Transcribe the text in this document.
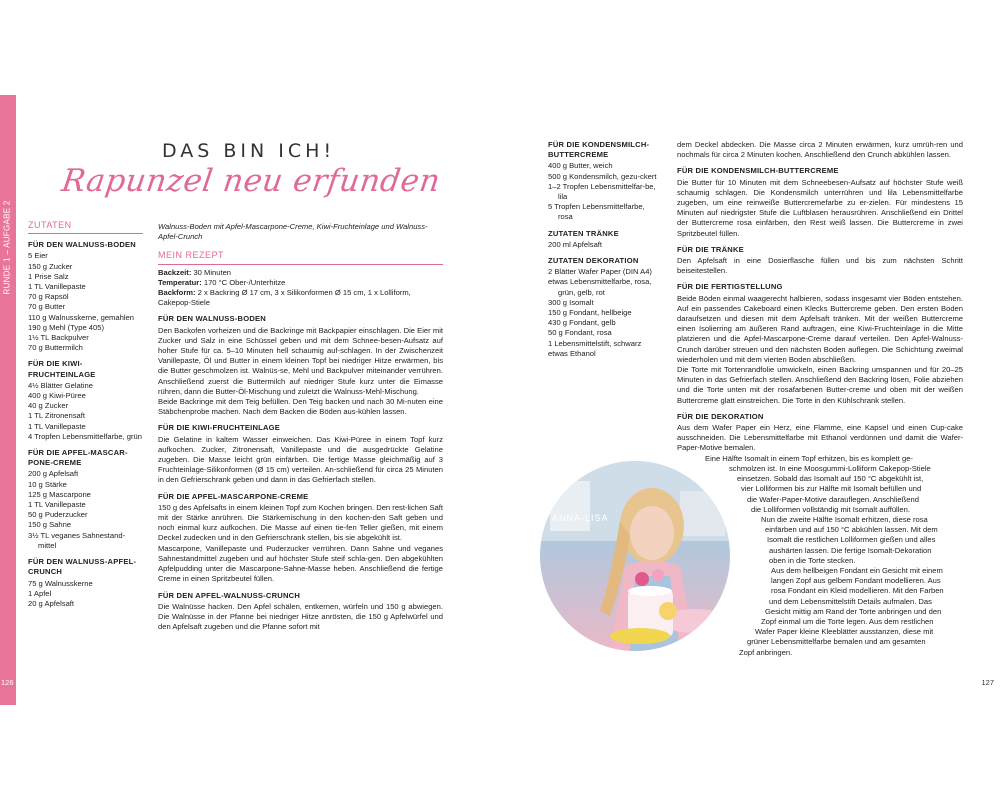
RUNDE 1 – AUFGABE 2
126	127
DAS BIN ICH!
Rapunzel neu erfunden
ZUTATEN
FÜR DEN WALNUSS-BODEN
5 Eier
150 g Zucker
1 Prise Salz
1 TL Vanillepaste
70 g Rapsöl
70 g Butter
110 g Walnusskerne, gemahlen
190 g Mehl (Type 405)
1½ TL Backpulver
70 g Buttermilch
FÜR DIE KIWI-FRUCHTEINLAGE
4½ Blätter Gelatine
400 g Kiwi-Püree
40 g Zucker
1 TL Zitronensaft
1 TL Vanillepaste
4 Tropfen Lebensmittelfarbe, grün
FÜR DIE APFEL-MASCAR-PONE-CREME
200 g Apfelsaft
10 g Stärke
125 g Mascarpone
1 TL Vanillepaste
50 g Puderzucker
150 g Sahne
3½ TL veganes Sahnestand-mittel
FÜR DEN WALNUSS-APFEL-CRUNCH
75 g Walnusskerne
1 Apfel
20 g Apfelsaft

Walnuss-Boden mit Apfel-Mascarpone-Creme, Kiwi-Fruchteinlage und Walnuss-Apfel-Crunch

MEIN REZEPT
Backzeit: 30 Minuten
Temperatur: 170 °C Ober-/Unterhitze
Backform: 2 x Backring Ø 17 cm, 3 x Silikonformen Ø 15 cm, 1 x Lolliform, Cakepop-Stiele
FÜR DEN WALNUSS-BODEN

Den Backofen vorheizen und die Backringe mit Backpapier einschlagen. Die Eier mit Zucker und Salz in eine Schüssel geben und mit dem Schnee-besen-Aufsatz auf hoher Stufe für ca. 5–10 Minuten hell schaumig auf-schlagen. In der Zwischenzeit Vanillepaste, Öl und Butter in einem kleinen Topf bei niedriger Hitze erwärmen, bis die Butter geschmolzen ist. Walnüs-se, Mehl und Backpulver miteinander verrühren. Anschließend zuerst die Buttermilch auf niedriger Stufe kurz unter die Eimasse rühren, dann die Butter-Öl-Mischung und zuletzt die Walnuss-Mehl-Mischung.

Beide Backringe mit dem Teig befüllen. Den Teig backen und nach 30 Mi-nuten eine Stäbchenprobe machen. Nach dem Backen die Böden aus-kühlen lassen.

FÜR DIE KIWI-FRUCHTEINLAGE

Die Gelatine in kaltem Wasser einweichen. Das Kiwi-Püree in einem Topf kurz aufkochen. Zucker, Zitronensaft, Vanillepaste und die ausgedrückte Gelatine zugeben. Die Masse leicht grün einfärben. Die fertige Masse gleichmäßig auf 3 Fruchteinlage-Silikonformen (Ø 15 cm) verteilen. An-schließend für circa 25 Minuten in den Gefrierschrank geben und dann in das Gefrierfach stellen.

FÜR DIE APFEL-MASCARPONE-CREME

150 g des Apfelsafts in einem kleinen Topf zum Kochen bringen. Den rest-lichen Saft mit der Stärke anrühren. Die Stärkemischung in den kochen-den Saft geben und noch einmal kurz aufkochen. Die Masse auf einen tie-fen Teller gießen, mit einem Deckel zudecken und in den Gefrierschrank stellen, bis sie abgekühlt ist.

Mascarpone, Vanillepaste und Puderzucker verrühren. Dann Sahne und veganes Sahnestandmittel zugeben und auf höchster Stufe steif schla-gen. Den abgekühlten Apfelpudding unter die Mascarpone-Sahne-Masse heben. Anschließend die fertige Creme in einen Spritzbeutel füllen.

FÜR DEN APFEL-WALNUSS-CRUNCH

Die Walnüsse hacken. Den Apfel schälen, entkernen, würfeln und 150 g abwiegen. Die Walnüsse in der Pfanne bei niedriger Hitze anrösten, die 150 g Apfelwürfel und den Apfelsaft zugeben und die Pfanne sofort mit

FÜR DIE KONDENSMILCH-BUTTERCREME
400 g Butter, weich
500 g Kondensmilch, gezu-ckert
1–2 Tropfen Lebensmittelfar-be, lila
5 Tropfen Lebensmittelfarbe, rosa
ZUTATEN TRÄNKE
200 ml Apfelsaft
ZUTATEN DEKORATION
2 Blätter Wafer Paper (DIN A4)
etwas Lebensmittelfarbe, rosa, grün, gelb, rot
300 g Isomalt
150 g Fondant, hellbeige
430 g Fondant, gelb
50 g Fondant, rosa
1 Lebensmittelstift, schwarz
etwas Ethanol

dem Deckel abdecken. Die Masse circa 2 Minuten erwärmen, kurz umrüh-ren und nochmals für circa 2 Minuten kochen. Anschließend den Crunch abkühlen lassen.

FÜR DIE KONDENSMILCH-BUTTERCREME

Die Butter für 10 Minuten mit dem Schneebesen-Aufsatz auf höchster Stufe weiß schaumig schlagen. Die Kondensmilch unterrühren und lila Lebensmittelfarbe zugeben, um eine reinweiße Buttercremefarbe zu er-zielen. Für mindestens 15 Minuten auf niedrigster Stufe die Luftblasen herausrühren. Anschließend ein Drittel der Buttercreme rosa einfärben, den Rest weiß lassen. Die Buttercreme in zwei Spritzbeutel füllen.

FÜR DIE TRÄNKE

Den Apfelsaft in eine Dosierflasche füllen und bis zum nächsten Schritt beiseitestellen.

FÜR DIE FERTIGSTELLUNG

Beide Böden einmal waagerecht halbieren, sodass insgesamt vier Böden entstehen. Auf ein passendes Cakeboard einen Klecks Buttercreme geben. Den ersten Boden daraufsetzen und diesen mit dem Apfelsaft tränken. Mit der weißen Buttercreme einen Isolierring am äußeren Rand auftragen, eine Kiwi-Fruchteinlage in die Mitte platzieren und die Apfel-Mascarpone-Creme darauf verteilen. Den Apfel-Walnuss-Crunch darüber streuen und den nächsten Boden auflegen. Die Schichtung zweimal wiederholen und mit dem vierten Boden abschließen.
Die Torte mit Tortenrandfolie umwickeln, einen Backring umspannen und für 20–25 Minuten in das Gefrierfach stellen. Anschließend den Backring lösen, Folie abziehen und die Torte unten mit der rosafarbenen Butter-creme und oben mit der weißen Buttercreme glatt einstreichen. Die Torte in den Kühlschrank stellen.

FÜR DIE DEKORATION

Aus dem Wafer Paper ein Herz, eine Flamme, eine Kapsel und einen Cup-cake ausschneiden. Die Lebensmittelfarbe mit Ethanol verdünnen und damit die Wafer-Paper-Motive bemalen.

Eine Hälfte Isomalt in einem Topf erhitzen, bis es komplett ge-

schmolzen ist. In eine Moosgummi-Lolliform Cakepop-Stiele

einsetzen. Sobald das Isomalt auf 150 °C abgekühlt ist,

vier Lolliformen bis zur Hälfte mit Isomalt befüllen und

die Wafer-Paper-Motive darauflegen. Anschließend

die Lolliformen vollständig mit Isomalt auffüllen.

Nun die zweite Hälfte Isomalt erhitzen, diese rosa

einfärben und auf 150 °C abkühlen lassen. Mit dem

Isomalt die restlichen Lolliformen gießen und alles

aushärten lassen. Die fertige Isomalt-Dekoration

oben in die Torte stecken.

Aus dem hellbeigen Fondant ein Gesicht mit einem

langen Zopf aus gelbem Fondant modellieren. Aus

rosa Fondant ein Kleid modellieren. Mit den Farben

und dem Lebensmittelstift Details aufmalen. Das

Gesicht mittig am Rand der Torte anbringen und den

Zopf einmal um die Torte legen. Aus dem restlichen

Wafer Paper kleine Kleeblätter ausstanzen, diese mit

grüner Lebensmittelfarbe bemalen und am gesamten

Zopf anbringen.

ANNA-LISA
